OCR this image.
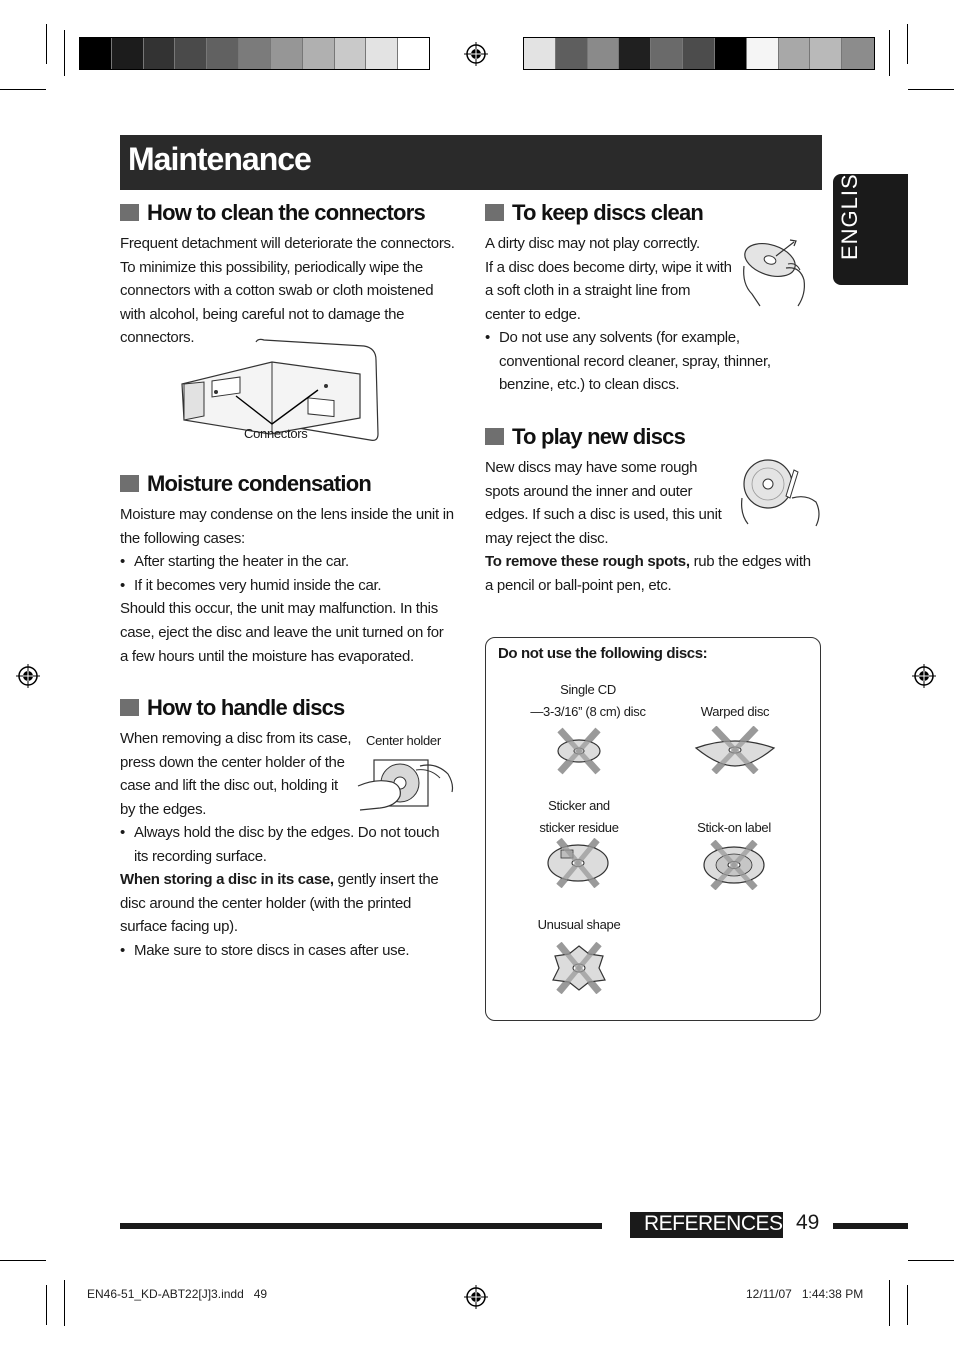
Maintenance	ENGLISH
How to clean the connectors

Frequent detachment will deteriorate the connectors. To minimize this possibility, periodically wipe the connectors with a cotton swab or cloth moistened with alcohol, being careful not to damage the connectors.

Connectors
Moisture condensation

Moisture may condense on the lens inside the unit in the following cases:

• After starting the heater in the car.

• If it becomes very humid inside the car.

Should this occur, the unit may malfunction. In this case, eject the disc and leave the unit turned on for a few hours until the moisture has evaporated.

How to handle discs

When removing a disc from its case, press down the center holder of the case and lift the disc out, holding it by the edges.

Center holder

• Always hold the disc by the edges. Do not touch its recording surface.

When storing a disc in its case, gently insert the disc around the center holder (with the printed surface facing up).

• Make sure to store discs in cases after use.

To keep discs clean

A dirty disc may not play correctly.

If a disc does become dirty, wipe it with a soft cloth in a straight line from center to edge.

• Do not use any solvents (for example, conventional record cleaner, spray, thinner, benzine, etc.) to clean discs.

To play new discs

New discs may have some rough spots around the inner and outer edges. If such a disc is used, this unit may reject the disc.

To remove these rough spots, rub the edges with a pencil or ball-point pen, etc.

Do not use the following discs:
Single CD
—3-3/16” (8 cm) disc	Warped disc
Sticker and
sticker residue	Stick-on label
Unusual shape
REFERENCES 49
EN46-51_KD-ABT22[J]3.indd   49	12/11/07   1:44:38 PM
